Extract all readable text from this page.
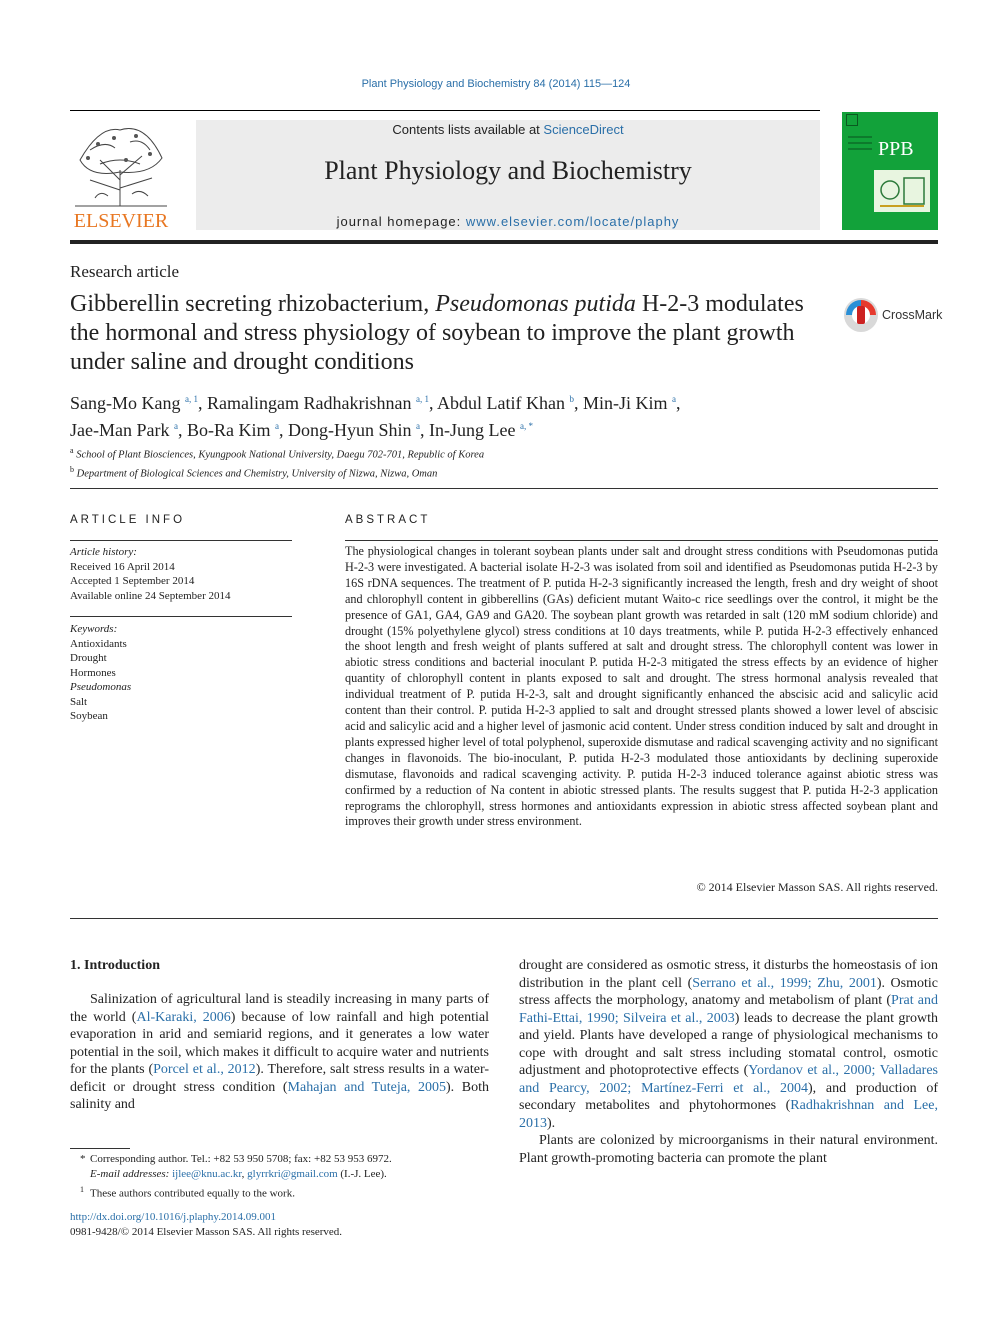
Plant Physiology and Biochemistry 84 (2014) 115—124
ELSEVIER
Contents lists available at ScienceDirect
Plant Physiology and Biochemistry
journal homepage: www.elsevier.com/locate/plaphy
PPB
Research article
Gibberellin secreting rhizobacterium, Pseudomonas putida H-2-3 modulates the hormonal and stress physiology of soybean to improve the plant growth under saline and drought conditions
CrossMark
Sang-Mo Kang $^{a, 1}$, Ramalingam Radhakrishnan $^{a, 1}$, Abdul Latif Khan $^b$, Min-Ji Kim $^a$,
Jae-Man Park $^a$, Bo-Ra Kim $^a$, Dong-Hyun Shin $^a$, In-Jung Lee $^{a, *}$
$^a$ School of Plant Biosciences, Kyungpook National University, Daegu 702-701, Republic of Korea
$^b$ Department of Biological Sciences and Chemistry, University of Nizwa, Nizwa, Oman
ARTICLE INFO	ABSTRACT
Article history:
Received 16 April 2014
Accepted 1 September 2014
Available online 24 September 2014
Keywords:
Antioxidants
Drought
Hormones
Pseudomonas
Salt
Soybean
The physiological changes in tolerant soybean plants under salt and drought stress conditions with Pseudomonas putida H-2-3 were investigated. A bacterial isolate H-2-3 was isolated from soil and identified as Pseudomonas putida H-2-3 by 16S rDNA sequences. The treatment of P. putida H-2-3 significantly increased the length, fresh and dry weight of shoot and chlorophyll content in gibberellins (GAs) deficient mutant Waito-c rice seedlings over the control, it might be the presence of GA1, GA4, GA9 and GA20. The soybean plant growth was retarded in salt (120 mM sodium chloride) and drought (15% polyethylene glycol) stress conditions at 10 days treatments, while P. putida H-2-3 effectively enhanced the shoot length and fresh weight of plants suffered at salt and drought stress. The chlorophyll content was lower in abiotic stress conditions and bacterial inoculant P. putida H-2-3 mitigated the stress effects by an evidence of higher quantity of chlorophyll content in plants exposed to salt and drought. The stress hormonal analysis revealed that individual treatment of P. putida H-2-3, salt and drought significantly enhanced the abscisic acid and salicylic acid content than their control. P. putida H-2-3 applied to salt and drought stressed plants showed a lower level of abscisic acid and salicylic acid and a higher level of jasmonic acid content. Under stress condition induced by salt and drought in plants expressed higher level of total polyphenol, superoxide dismutase and radical scavenging activity and no significant changes in flavonoids. The bio-inoculant, P. putida H-2-3 modulated those antioxidants by declining superoxide dismutase, flavonoids and radical scavenging activity. P. putida H-2-3 induced tolerance against abiotic stress was confirmed by a reduction of Na content in abiotic stressed plants. The results suggest that P. putida H-2-3 application reprograms the chlorophyll, stress hormones and antioxidants expression in abiotic stress affected soybean plant and improves their growth under stress environment.
© 2014 Elsevier Masson SAS. All rights reserved.
1. Introduction

Salinization of agricultural land is steadily increasing in many parts of the world (Al-Karaki, 2006) because of low rainfall and high potential evaporation in arid and semiarid regions, and it generates a low water potential in the soil, which makes it difficult to acquire water and nutrients for the plants (Porcel et al., 2012). Therefore, salt stress results in a water-deficit or drought stress condition (Mahajan and Tuteja, 2005). Both salinity and

drought are considered as osmotic stress, it disturbs the homeostasis of ion distribution in the plant cell (Serrano et al., 1999; Zhu, 2001). Osmotic stress affects the morphology, anatomy and metabolism of plant (Prat and Fathi-Ettai, 1990; Silveira et al., 2003) leads to decrease the plant growth and yield. Plants have developed a range of physiological mechanisms to cope with drought and salt stress including stomatal control, osmotic adjustment and photoprotective effects (Yordanov et al., 2000; Valladares and Pearcy, 2002; Martínez-Ferri et al., 2004), and production of secondary metabolites and phytohormones (Radhakrishnan and Lee, 2013).

Plants are colonized by microorganisms in their natural environment. Plant growth-promoting bacteria can promote the plant

* Corresponding author. Tel.: +82 53 950 5708; fax: +82 53 953 6972.
E-mail addresses: ijlee@knu.ac.kr, glyrrkri@gmail.com (I.-J. Lee).
1 These authors contributed equally to the work.
http://dx.doi.org/10.1016/j.plaphy.2014.09.001
0981-9428/© 2014 Elsevier Masson SAS. All rights reserved.
